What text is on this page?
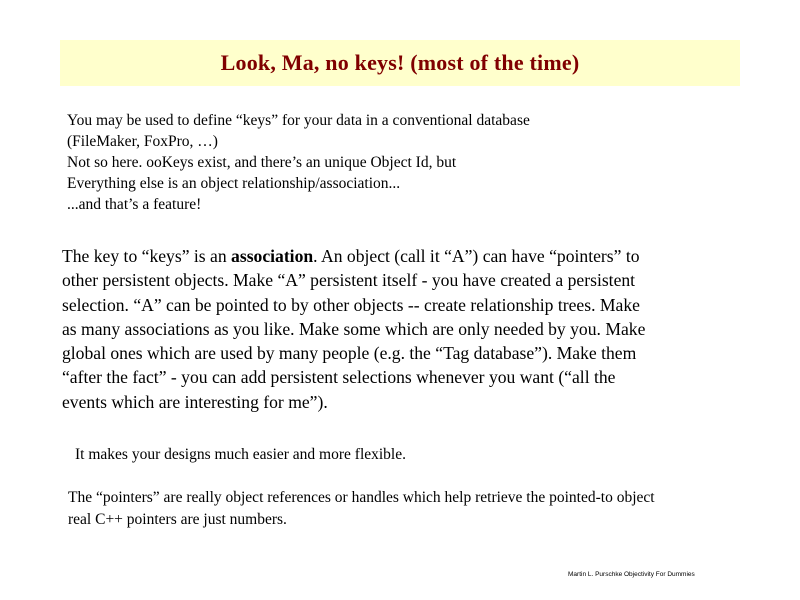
Look, Ma, no keys! (most of the time)
You may be used to define “keys” for your data in a conventional database
(FileMaker, FoxPro, …)
Not so here. ooKeys exist, and there’s an unique Object Id, but
Everything else is an object relationship/association...
...and that’s a feature!
The key to “keys” is an association. An object (call it “A”) can have “pointers” to
other persistent objects. Make “A” persistent itself - you have created a persistent
selection. “A” can be pointed to by other objects -- create relationship trees. Make
as many associations as you like. Make some which are only needed by you. Make
global ones which are used by many people (e.g. the “Tag database”). Make them
“after the fact” - you can add persistent selections whenever you want (“all the
events which are interesting for me”).
It makes your designs much easier and more flexible.
The “pointers” are really object references or handles which help retrieve the pointed-to object
real C++ pointers are just numbers.
Martin L. Purschke Objectivity For Dummies
